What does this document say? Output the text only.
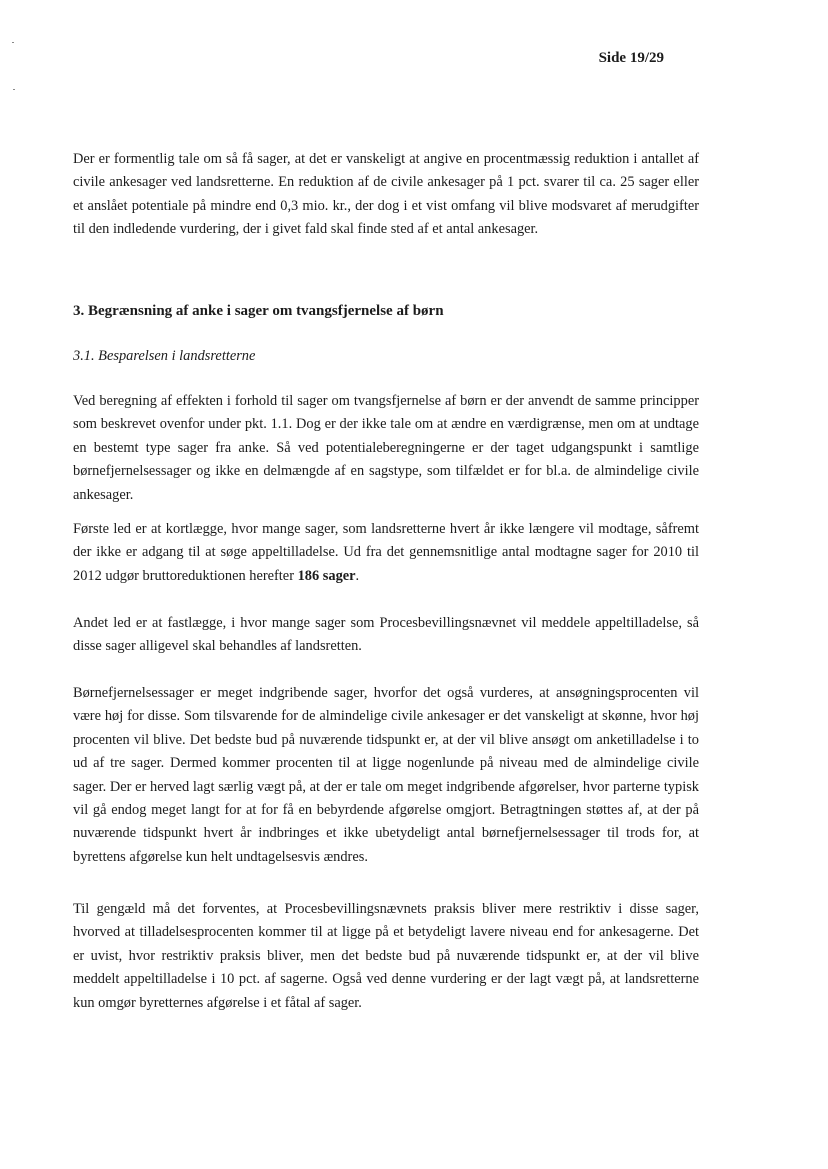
Side 19/29

Der er formentlig tale om så få sager, at det er vanskeligt at angive en procentmæssig reduktion i antallet af civile ankesager ved landsretterne. En reduktion af de civile ankesager på 1 pct. svarer til ca. 25 sager eller et anslået potentiale på mindre end 0,3 mio. kr., der dog i et vist omfang vil blive modsvaret af merudgifter til den indledende vurdering, der i givet fald skal finde sted af et antal ankesager.

3. Begrænsning af anke i sager om tvangsfjernelse af børn
3.1. Besparelsen i landsretterne

Ved beregning af effekten i forhold til sager om tvangsfjernelse af børn er der anvendt de samme principper som beskrevet ovenfor under pkt. 1.1. Dog er der ikke tale om at ændre en værdigrænse, men om at undtage en bestemt type sager fra anke. Så ved potentialeberegningerne er der taget udgangspunkt i samtlige børnefjernelsessager og ikke en delmængde af en sagstype, som tilfældet er for bl.a. de almindelige civile ankesager.

Første led er at kortlægge, hvor mange sager, som landsretterne hvert år ikke længere vil modtage, såfremt der ikke er adgang til at søge appeltilladelse. Ud fra det gennemsnitlige antal modtagne sager for 2010 til 2012 udgør bruttoreduktionen herefter 186 sager.

Andet led er at fastlægge, i hvor mange sager som Procesbevillingsnævnet vil meddele appeltilladelse, så disse sager alligevel skal behandles af landsretten.

Børnefjernelsessager er meget indgribende sager, hvorfor det også vurderes, at ansøgningsprocenten vil være høj for disse. Som tilsvarende for de almindelige civile ankesager er det vanskeligt at skønne, hvor høj procenten vil blive. Det bedste bud på nuværende tidspunkt er, at der vil blive ansøgt om anketilladelse i to ud af tre sager. Dermed kommer procenten til at ligge nogenlunde på niveau med de almindelige civile sager. Der er herved lagt særlig vægt på, at der er tale om meget indgribende afgørelser, hvor parterne typisk vil gå endog meget langt for at for få en bebyrdende afgørelse omgjort. Betragtningen støttes af, at der på nuværende tidspunkt hvert år indbringes et ikke ubetydeligt antal børnefjernelsessager til trods for, at byrettens afgørelse kun helt undtagelsesvis ændres.

Til gengæld må det forventes, at Procesbevillingsnævnets praksis bliver mere restriktiv i disse sager, hvorved at tilladelsesprocenten kommer til at ligge på et betydeligt lavere niveau end for ankesagerne. Det er uvist, hvor restriktiv praksis bliver, men det bedste bud på nuværende tidspunkt er, at der vil blive meddelt appeltilladelse i 10 pct. af sagerne. Også ved denne vurdering er der lagt vægt på, at landsretterne kun omgør byretternes afgørelse i et fåtal af sager.
